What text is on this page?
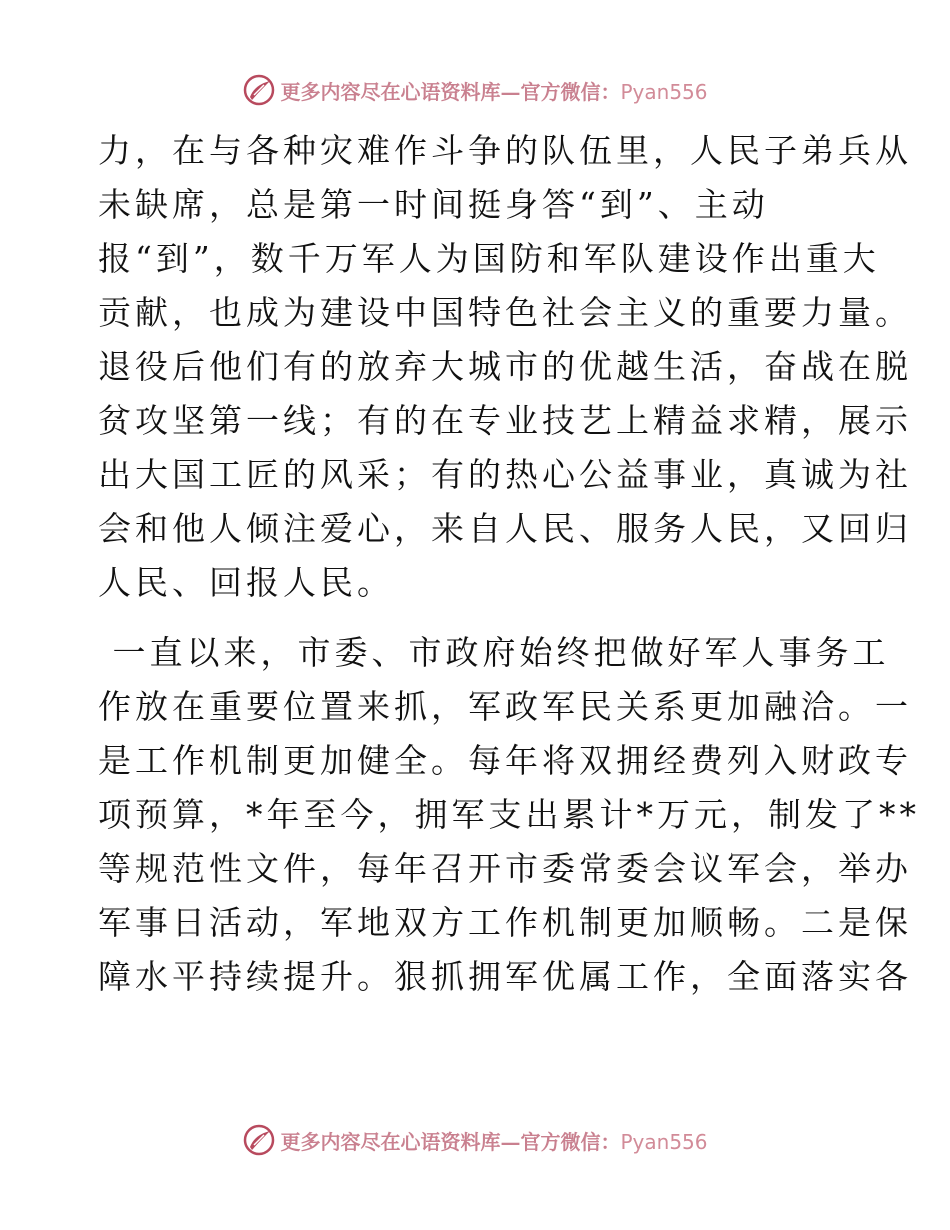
更多内容尽在心语资料库—官方微信：Pyan556
力，在与各种灾难作斗争的队伍里，人民子弟兵从
未缺席，总是第一时间挺身答“到”、主动
报“到”，数千万军人为国防和军队建设作出重大
贡献，也成为建设中国特色社会主义的重要力量。
退役后他们有的放弃大城市的优越生活，奋战在脱
贫攻坚第一线；有的在专业技艺上精益求精，展示
出大国工匠的风采；有的热心公益事业，真诚为社
会和他人倾注爱心，来自人民、服务人民，又回归
人民、回报人民。
一直以来，市委、市政府始终把做好军人事务工
作放在重要位置来抓，军政军民关系更加融洽。一
是工作机制更加健全。每年将双拥经费列入财政专
项预算，*年至今，拥军支出累计*万元，制发了**
等规范性文件，每年召开市委常委会议军会，举办
军事日活动，军地双方工作机制更加顺畅。二是保
障水平持续提升。狠抓拥军优属工作，全面落实各
更多内容尽在心语资料库—官方微信：Pyan556
